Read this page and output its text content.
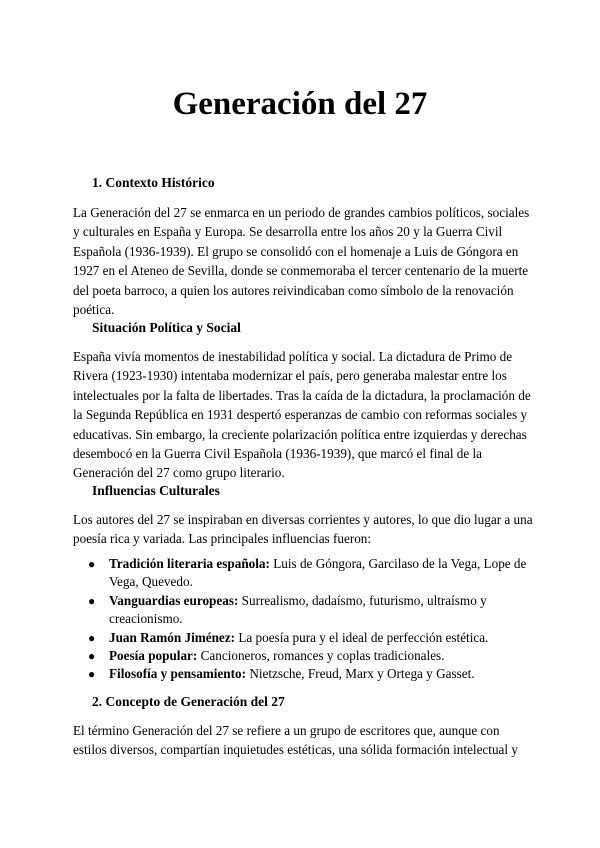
Generación del 27
1. Contexto Histórico

La Generación del 27 se enmarca en un periodo de grandes cambios políticos, sociales y culturales en España y Europa. Se desarrolla entre los años 20 y la Guerra Civil Española (1936-1939). El grupo se consolidó con el homenaje a Luis de Góngora en 1927 en el Ateneo de Sevilla, donde se conmemoraba el tercer centenario de la muerte del poeta barroco, a quien los autores reivindicaban como símbolo de la renovación poética.

Situación Política y Social

España vivía momentos de inestabilidad política y social. La dictadura de Primo de Rivera (1923-1930) intentaba modernizar el país, pero generaba malestar entre los intelectuales por la falta de libertades. Tras la caída de la dictadura, la proclamación de la Segunda República en 1931 despertó esperanzas de cambio con reformas sociales y educativas. Sin embargo, la creciente polarización política entre izquierdas y derechas desembocó en la Guerra Civil Española (1936-1939), que marcó el final de la Generación del 27 como grupo literario.

Influencias Culturales

Los autores del 27 se inspiraban en diversas corrientes y autores, lo que dio lugar a una poesía rica y variada. Las principales influencias fueron:

● Tradición literaria española: Luis de Góngora, Garcilaso de la Vega, Lope de Vega, Quevedo.
● Vanguardias europeas: Surrealismo, dadaísmo, futurismo, ultraísmo y creacionismo.
● Juan Ramón Jiménez: La poesía pura y el ideal de perfección estética.
● Poesía popular: Cancioneros, romances y coplas tradicionales.
● Filosofía y pensamiento: Nietzsche, Freud, Marx y Ortega y Gasset.
2. Concepto de Generación del 27

El término Generación del 27 se refiere a un grupo de escritores que, aunque con estilos diversos, compartían inquietudes estéticas, una sólida formación intelectual y
